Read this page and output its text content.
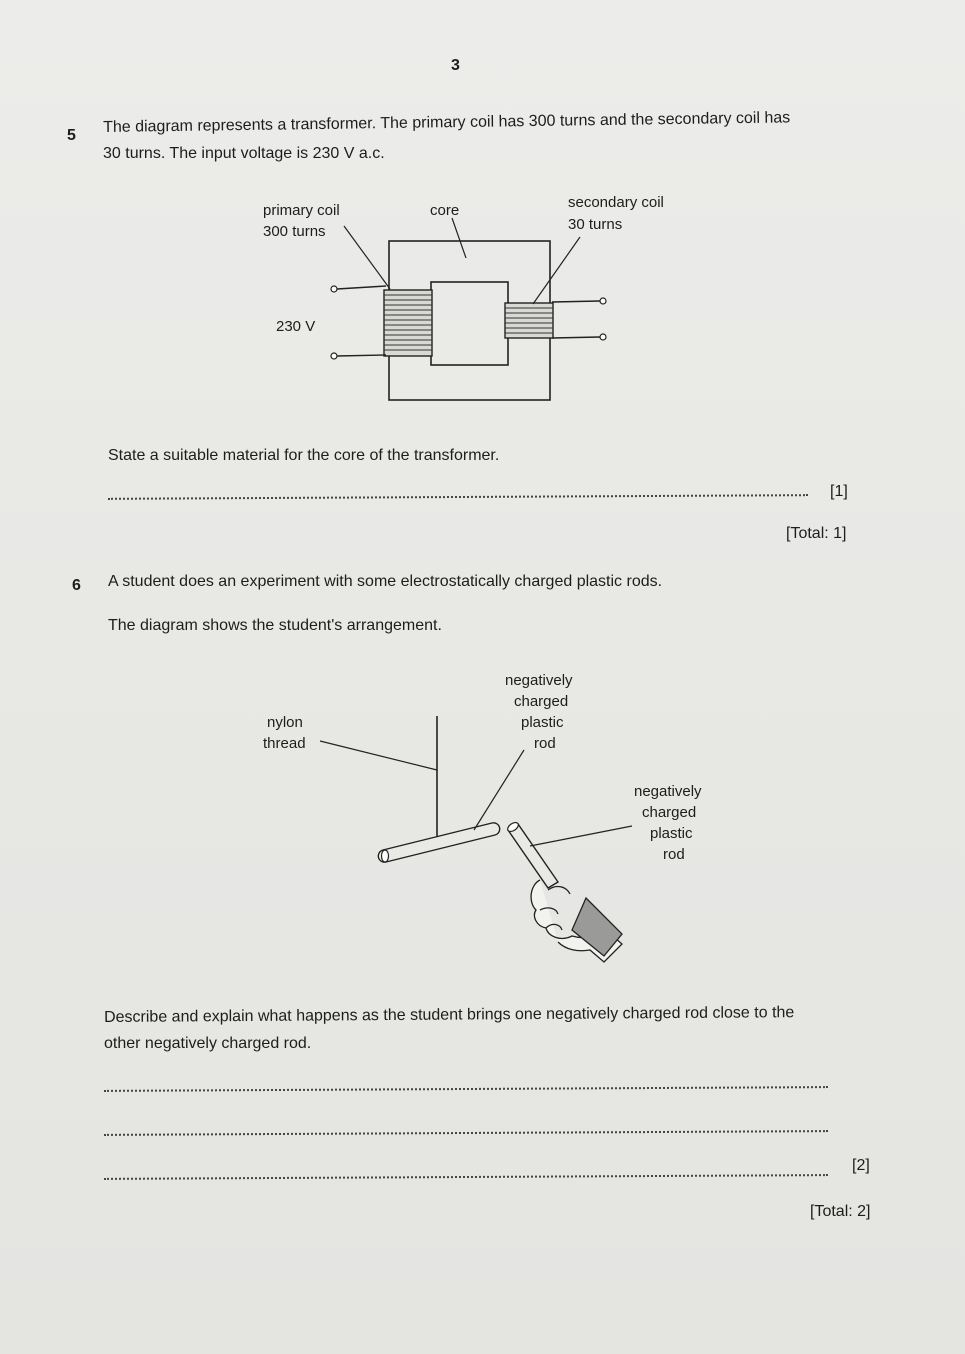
3
5 The diagram represents a transformer. The primary coil has 300 turns and the secondary coil has
30 turns. The input voltage is 230 V a.c.
primary coil
300 turns
core	secondary coil
30 turns
230 V
State a suitable material for the core of the transformer.
[1]
[Total: 1]
6 A student does an experiment with some electrostatically charged plastic rods.
The diagram shows the student's arrangement.
negatively
charged
plastic
rod
nylon
thread
negatively
charged
plastic
rod
Describe and explain what happens as the student brings one negatively charged rod close to the
other negatively charged rod.
[2]
[Total: 2]
